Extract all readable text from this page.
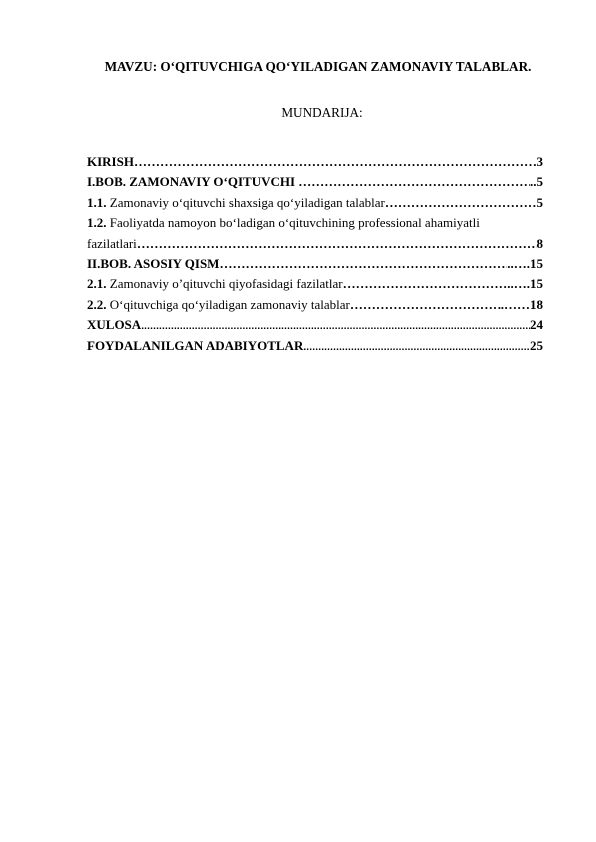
MAVZU: O‘QITUVCHIGA QO‘YILADIGAN ZAMONAVIY TALABLAR.
MUNDARIJA:
KIRISH …………………………………………………………………………………………………………………………………………………………	.3
I.BOB. ZAMONAVIY O‘QITUVCHI …………………………………………………………………………………………………………………………………………………………	..5
1.1. Zamonaviy o‘qituvchi shaxsiga qo‘yiladigan talablar …………………………………………………………………………………………………………………………………………………………	5
1.2. Faoliyatda namoyon bo‘ladigan o‘qituvchining professional ahamiyatli
fazilatlari …………………………………………………………………………………………………………………………………………………………	8
II.BOB. ASOSIY QISM …………………………………………………………………………………………………………………………………………………………	..….15
2.1. Zamonaviy o’qituvchi qiyofasidagi fazilatlar …………………………………………………………………………………………………………………………………………………………	..….15
2.2. O‘qituvchiga qo‘yiladigan zamonaviy talablar …………………………………………………………………………………………………………………………………………………………	.……18
XULOSA .....	24
FOYDALANILGAN ADABIYOTLAR .....	25
